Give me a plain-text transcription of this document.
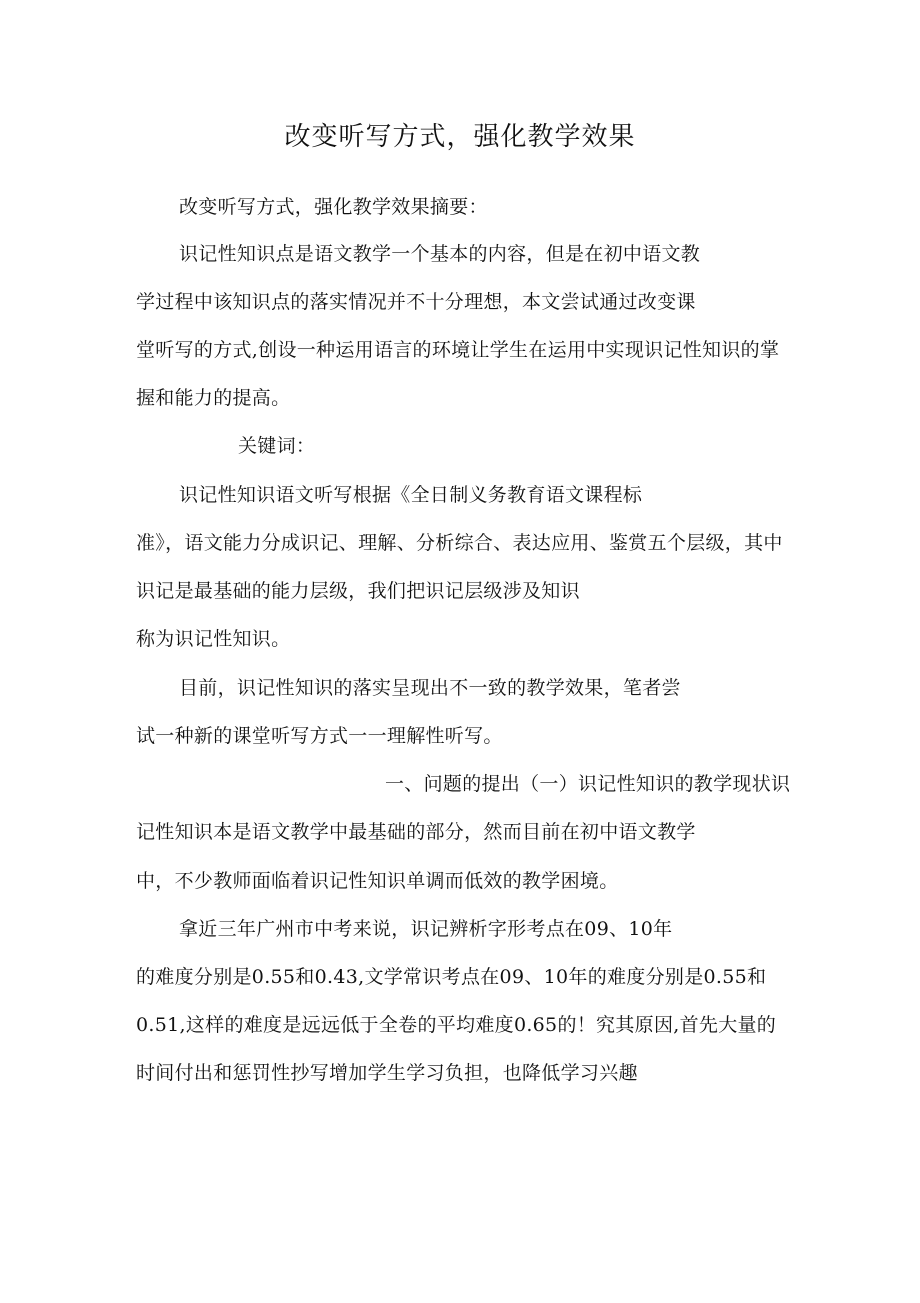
改变听写方式，强化教学效果
改变听写方式，强化教学效果摘要：
识记性知识点是语文教学一个基本的内容，但是在初中语文教
学过程中该知识点的落实情况并不十分理想，本文尝试通过改变课
堂听写的方式,创设一种运用语言的环境让学生在运用中实现识记性知识的掌
握和能力的提高。
关键词：
识记性知识语文听写根据《全日制义务教育语文课程标
准》，语文能力分成识记、理解、分析综合、表达应用、鉴赏五个层级，其中
识记是最基础的能力层级，我们把识记层级涉及知识
称为识记性知识。
目前，识记性知识的落实呈现出不一致的教学效果，笔者尝
试一种新的课堂听写方式一一理解性听写。
一、问题的提出（一）识记性知识的教学现状识
记性知识本是语文教学中最基础的部分，然而目前在初中语文教学
中，不少教师面临着识记性知识单调而低效的教学困境。
拿近三年广州市中考来说，识记辨析字形考点在09、10年
的难度分别是0.55和0.43,文学常识考点在09、10年的难度分别是0.55和
0.51,这样的难度是远远低于全卷的平均难度0.65的！究其原因,首先大量的
时间付出和惩罚性抄写增加学生学习负担，也降低学习兴趣
